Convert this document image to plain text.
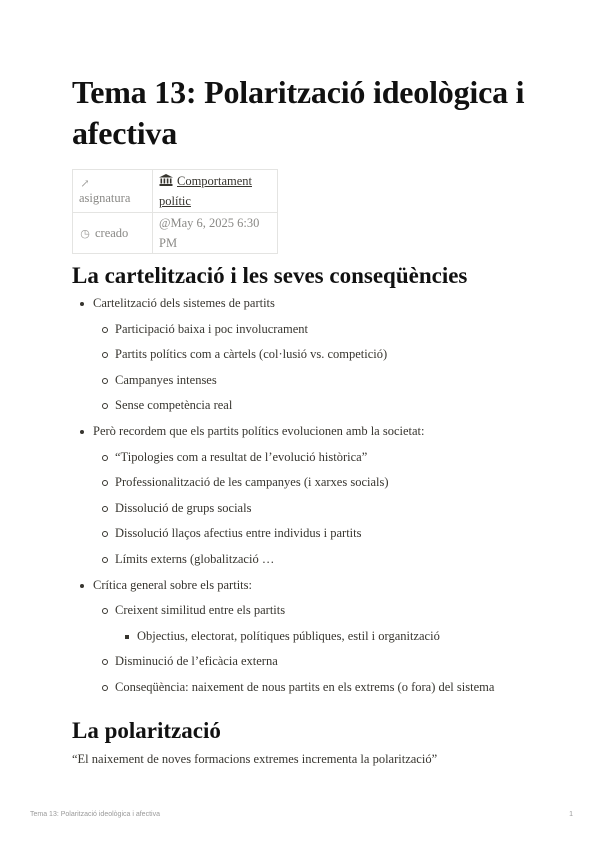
Tema 13: Polarització ideològica i afectiva
↗asignatura	Comportament polític
◷ creado	@May 6, 2025 6:30 PM
La cartelització i les seves conseqüències
Cartelització dels sistemes de partits
Participació baixa i poc involucrament
Partits polítics com a càrtels (col·lusió vs. competició)
Campanyes intenses
Sense competència real
Però recordem que els partits polítics evolucionen amb la societat:
“Tipologies com a resultat de l’evolució històrica”
Professionalització de les campanyes (i xarxes socials)
Dissolució de grups socials
Dissolució llaços afectius entre individus i partits
Límits externs (globalització …
Crítica general sobre els partits:
Creixent similitud entre els partits
Objectius, electorat, polítiques públiques, estil i organització
Disminució de l’eficàcia externa
Conseqüència: naixement de nous partits en els extrems (o fora) del sistema
La polarització
“El naixement de noves formacions extremes incrementa la polarització”
Tema 13: Polarització ideològica i afectiva	1
